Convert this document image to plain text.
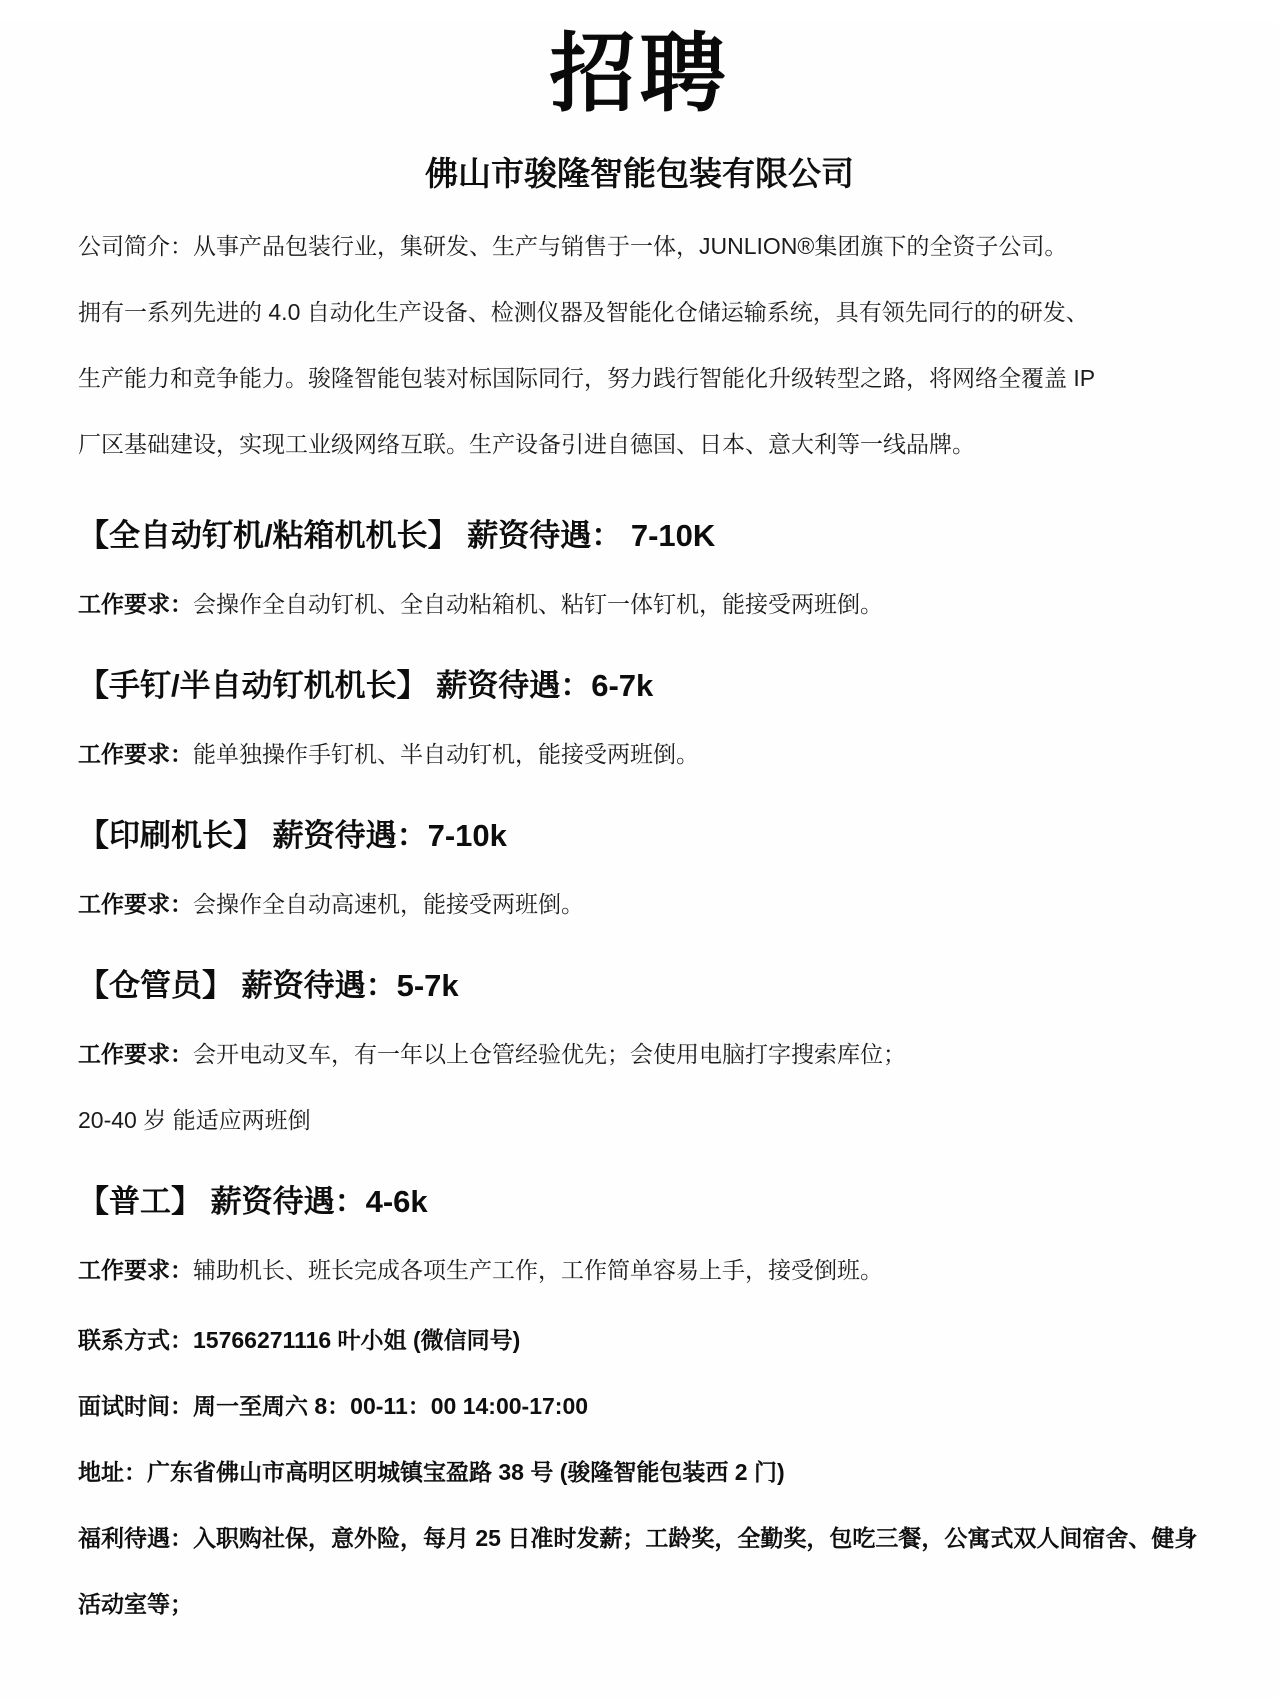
招聘
佛山市骏隆智能包装有限公司

公司简介：从事产品包装行业，集研发、生产与销售于一体，JUNLION®集团旗下的全资子公司。

拥有一系列先进的 4.0 自动化生产设备、检测仪器及智能化仓储运输系统，具有领先同行的的研发、

生产能力和竞争能力。骏隆智能包装对标国际同行，努力践行智能化升级转型之路，将网络全覆盖 IP

厂区基础建设，实现工业级网络互联。生产设备引进自德国、日本、意大利等一线品牌。

【全自动钉机/粘箱机机长】 薪资待遇： 7-10K

工作要求：会操作全自动钉机、全自动粘箱机、粘钉一体钉机，能接受两班倒。

【手钉/半自动钉机机长】 薪资待遇：6-7k

工作要求：能单独操作手钉机、半自动钉机，能接受两班倒。

【印刷机长】 薪资待遇：7-10k

工作要求：会操作全自动高速机，能接受两班倒。

【仓管员】 薪资待遇：5-7k

工作要求：会开电动叉车，有一年以上仓管经验优先；会使用电脑打字搜索库位；

20-40 岁 能适应两班倒

【普工】 薪资待遇：4-6k

工作要求：辅助机长、班长完成各项生产工作，工作简单容易上手，接受倒班。

联系方式：15766271116 叶小姐 (微信同号)

面试时间：周一至周六 8：00-11：00 14:00-17:00

地址：广东省佛山市高明区明城镇宝盈路 38 号 (骏隆智能包装西 2 门)

福利待遇：入职购社保，意外险，每月 25 日准时发薪；工龄奖，全勤奖，包吃三餐，公寓式双人间宿舍、健身活动室等；
